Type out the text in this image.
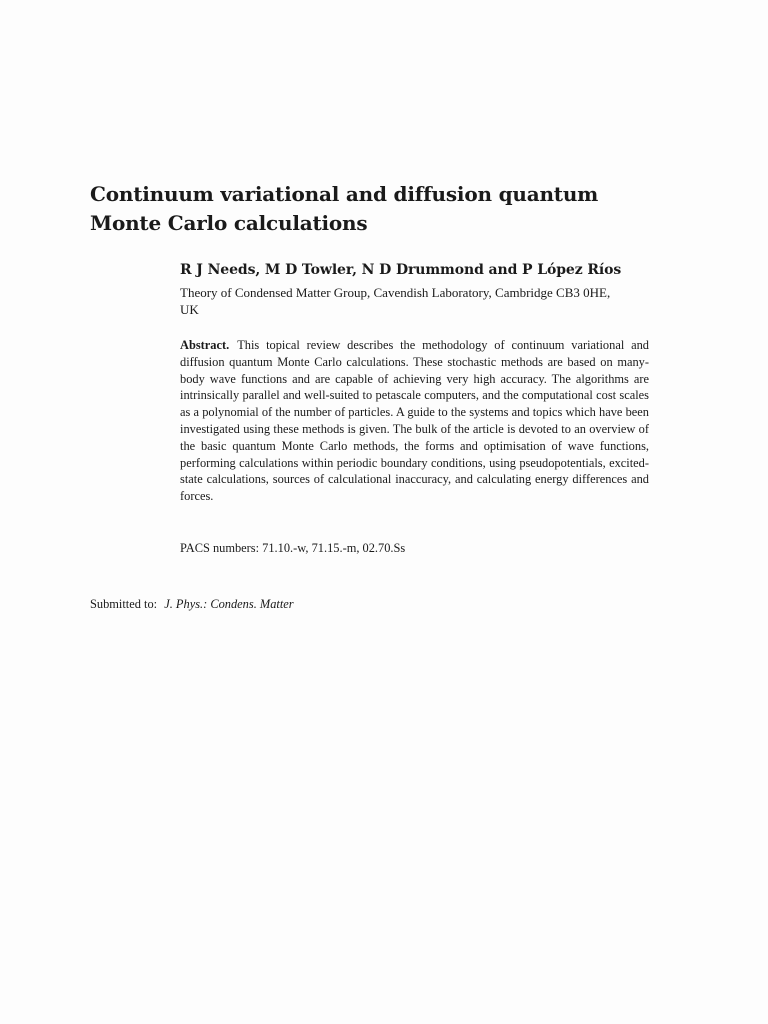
Continuum variational and diffusion quantum
Monte Carlo calculations
R J Needs, M D Towler, N D Drummond and P López Ríos
Theory of Condensed Matter Group, Cavendish Laboratory, Cambridge CB3 0HE,
UK
Abstract. This topical review describes the methodology of continuum variational and diffusion quantum Monte Carlo calculations. These stochastic methods are based on many-body wave functions and are capable of achieving very high accuracy. The algorithms are intrinsically parallel and well-suited to petascale computers, and the computational cost scales as a polynomial of the number of particles. A guide to the systems and topics which have been investigated using these methods is given. The bulk of the article is devoted to an overview of the basic quantum Monte Carlo methods, the forms and optimisation of wave functions, performing calculations within periodic boundary conditions, using pseudopotentials, excited-state calculations, sources of calculational inaccuracy, and calculating energy differences and forces.
PACS numbers: 71.10.-w, 71.15.-m, 02.70.Ss
Submitted to: J. Phys.: Condens. Matter
